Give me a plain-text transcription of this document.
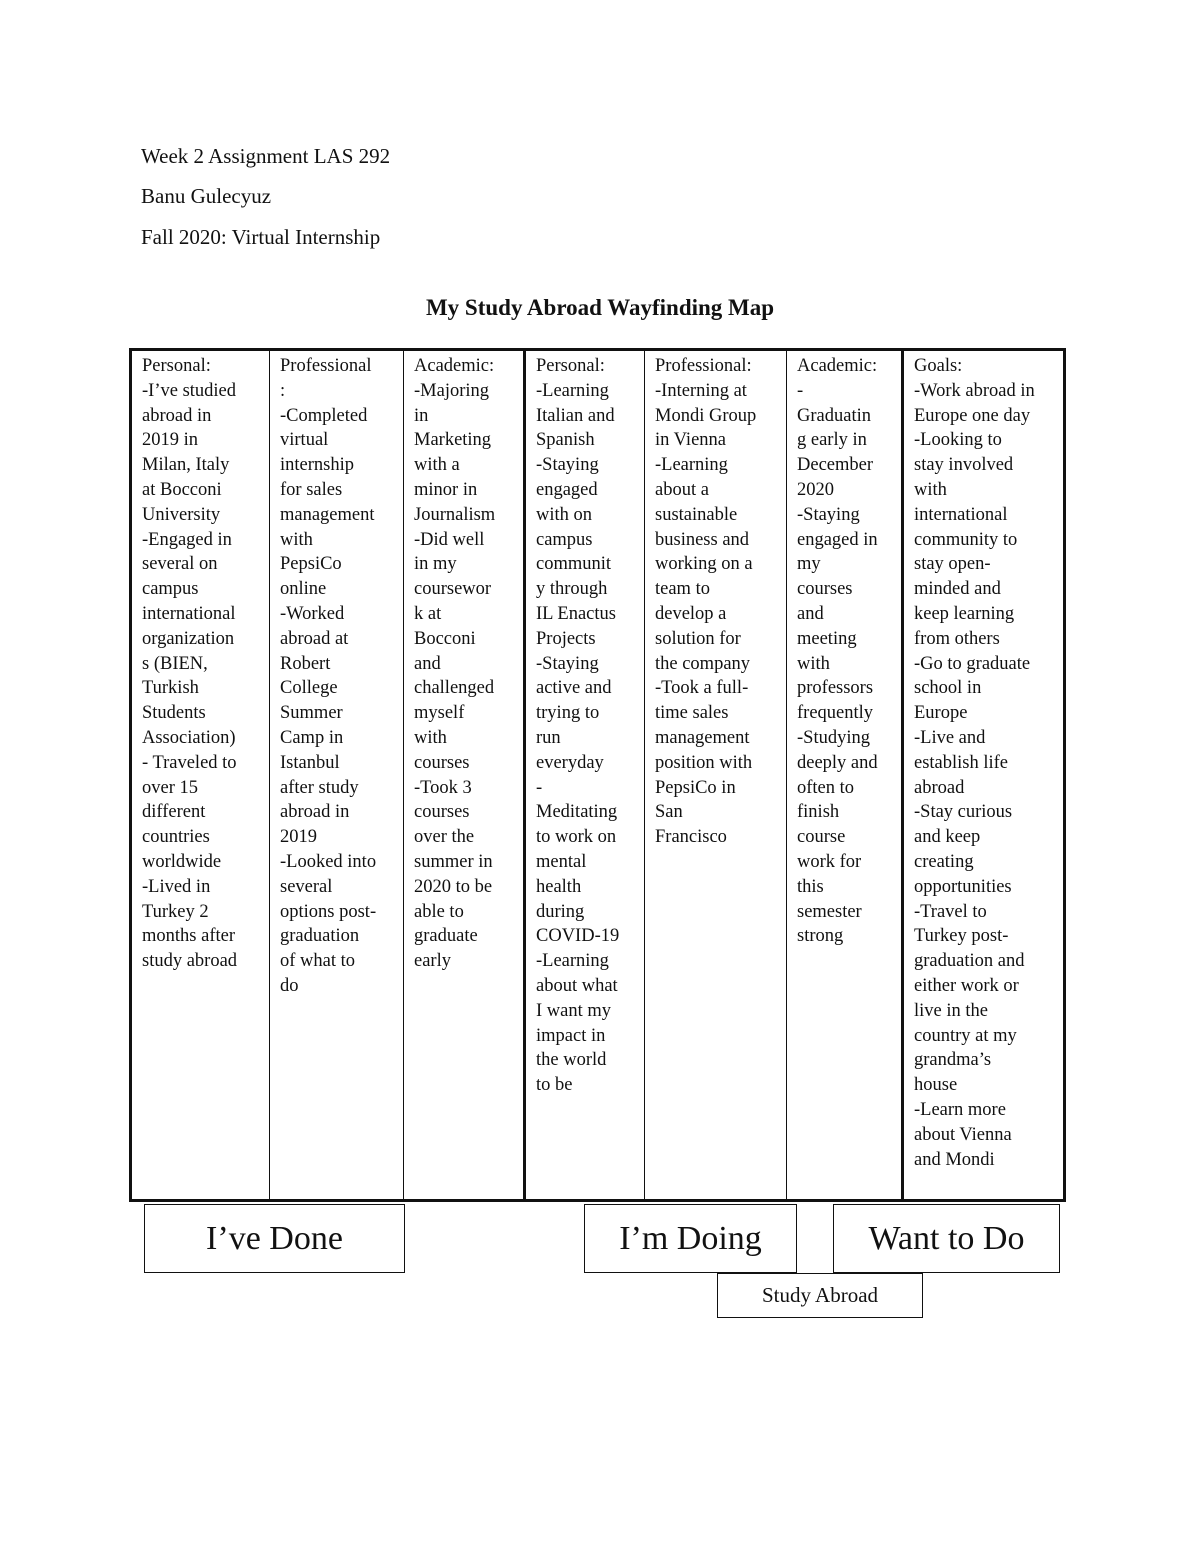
Week 2 Assignment LAS 292
Banu Gulecyuz
Fall 2020: Virtual Internship
My Study Abroad Wayfinding Map
Personal:
-I’ve studied
abroad in
2019 in
Milan, Italy
at Bocconi
University
-Engaged in
several on
campus
international
organization
s (BIEN,
Turkish
Students
Association)
- Traveled to
over 15
different
countries
worldwide
-Lived in
Turkey 2
months after
study abroad
Professional
:
-Completed
virtual
internship
for sales
management
with
PepsiCo
online
-Worked
abroad at
Robert
College
Summer
Camp in
Istanbul
after study
abroad in
2019
-Looked into
several
options post-
graduation
of what to
do
Academic:
-Majoring
in
Marketing
with a
minor in
Journalism
-Did well
in my
coursewor
k at
Bocconi
and
challenged
myself
with
courses
-Took 3
courses
over the
summer in
2020 to be
able to
graduate
early
Personal:
-Learning
Italian and
Spanish
-Staying
engaged
with on
campus
communit
y through
IL Enactus
Projects
-Staying
active and
trying to
run
everyday
-
Meditating
to work on
mental
health
during
COVID-19
-Learning
about what
I want my
impact in
the world
to be
Professional:
-Interning at
Mondi Group
in Vienna
-Learning
about a
sustainable
business and
working on a
team to
develop a
solution for
the company
-Took a full-
time sales
management
position with
PepsiCo in
San
Francisco
Academic:
-
Graduatin
g early in
December
2020
-Staying
engaged in
my
courses
and
meeting
with
professors
frequently
-Studying
deeply and
often to
finish
course
work for
this
semester
strong
Goals:
-Work abroad in
Europe one day
-Looking to
stay involved
with
international
community to
stay open-
minded and
keep learning
from others
-Go to graduate
school in
Europe
-Live and
establish life
abroad
-Stay curious
and keep
creating
opportunities
-Travel to
Turkey post-
graduation and
either work or
live in the
country at my
grandma’s
house
-Learn more
about Vienna
and Mondi
I’ve Done	I’m Doing	Want to Do
Study Abroad
